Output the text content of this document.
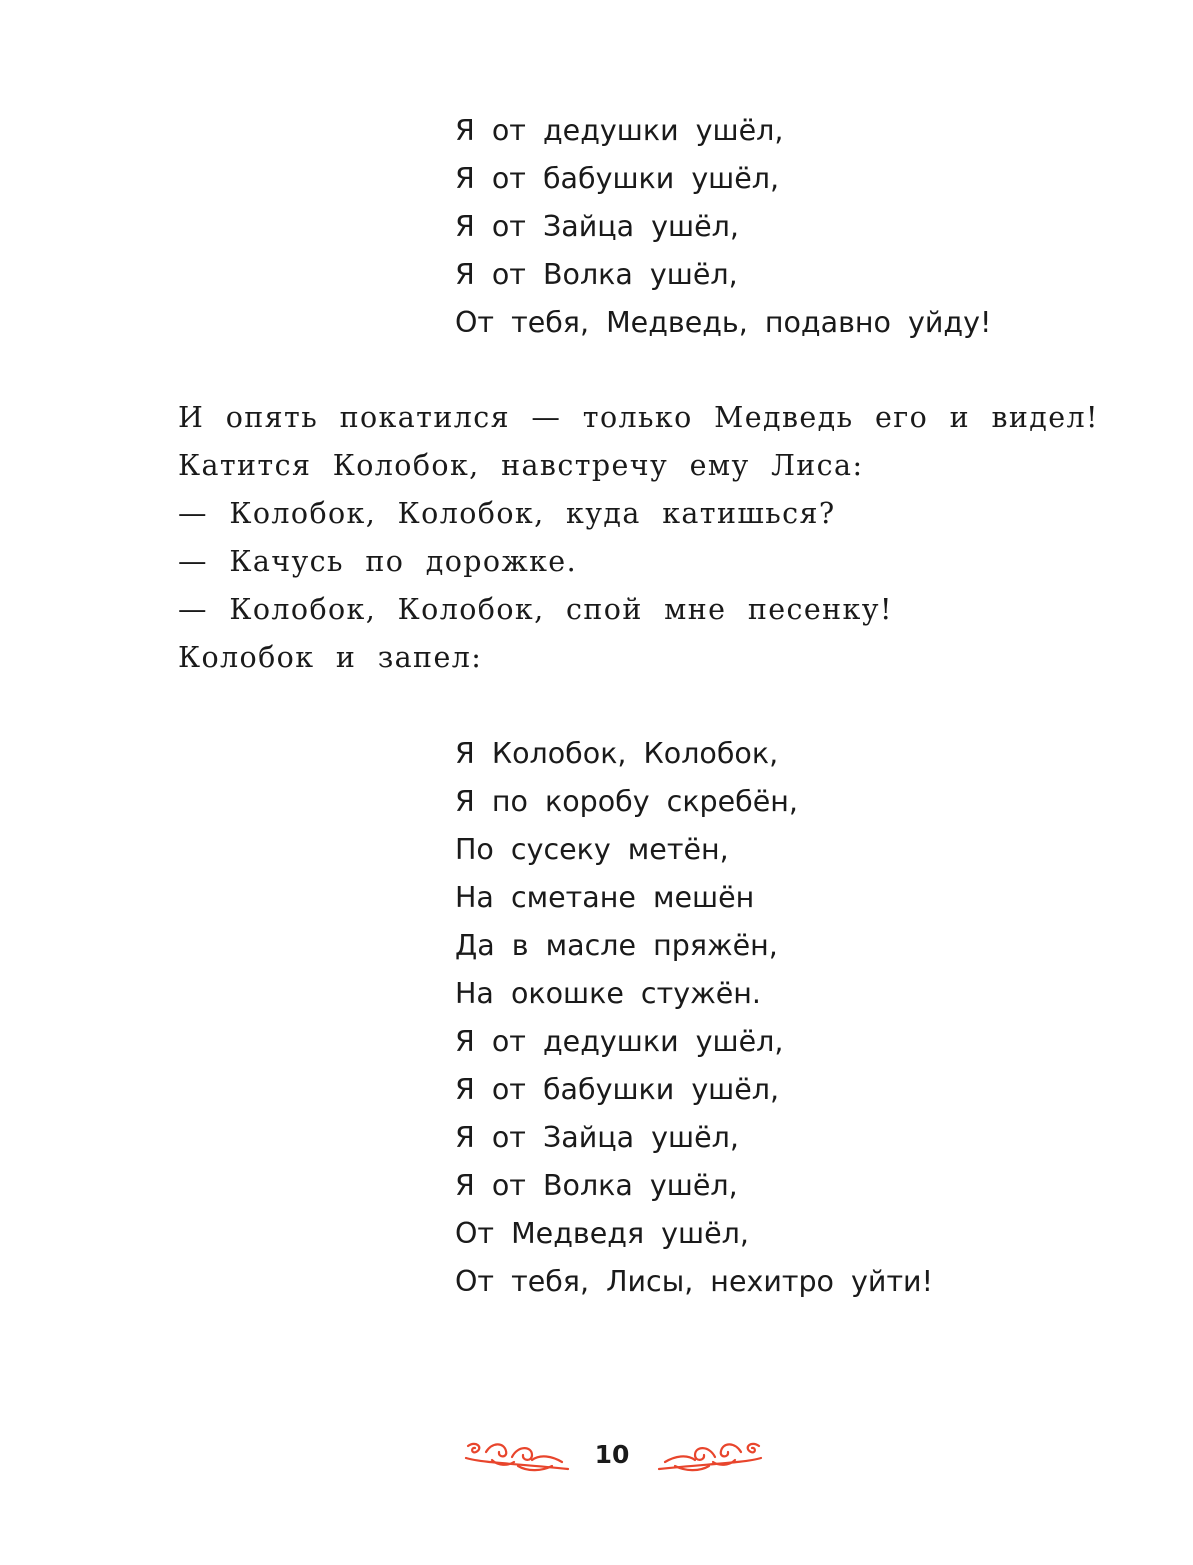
Я от дедушки ушёл,
Я от бабушки ушёл,
Я от Зайца ушёл,
Я от Волка ушёл,
От тебя, Медведь, подавно уйду!
И опять покатился — только Медведь его и видел!
Катится Колобок, навстречу ему Лиса:
— Колобок, Колобок, куда катишься?
— Качусь по дорожке.
— Колобок, Колобок, спой мне песенку!
Колобок и запел:
Я Колобок, Колобок,
Я по коробу скребён,
По сусеку метён,
На сметане мешён
Да в масле пряжён,
На окошке стужён.
Я от дедушки ушёл,
Я от бабушки ушёл,
Я от Зайца ушёл,
Я от Волка ушёл,
От Медведя ушёл,
От тебя, Лисы, нехитро уйти!
10
